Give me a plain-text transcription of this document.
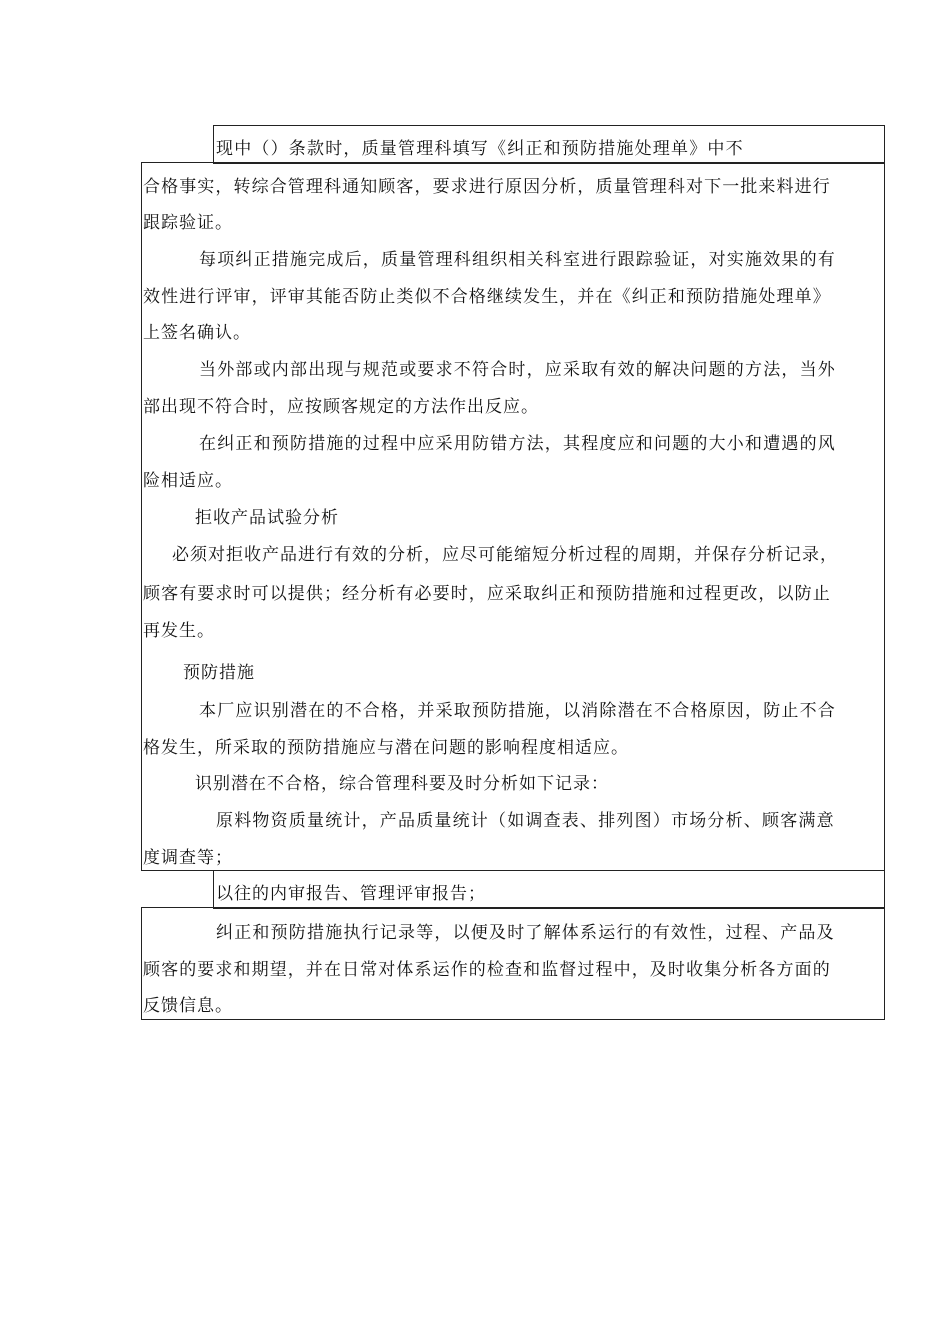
现中（）条款时，质量管理科填写《纠正和预防措施处理单》中不
合格事实，转综合管理科通知顾客，要求进行原因分析，质量管理科对下一批来料进行
跟踪验证。
每项纠正措施完成后，质量管理科组织相关科室进行跟踪验证，对实施效果的有
效性进行评审，评审其能否防止类似不合格继续发生，并在《纠正和预防措施处理单》
上签名确认。
当外部或内部出现与规范或要求不符合时，应采取有效的解决问题的方法，当外
部出现不符合时，应按顾客规定的方法作出反应。
在纠正和预防措施的过程中应采用防错方法，其程度应和问题的大小和遭遇的风
险相适应。
拒收产品试验分析
必须对拒收产品进行有效的分析，应尽可能缩短分析过程的周期，并保存分析记录，
顾客有要求时可以提供；经分析有必要时，应采取纠正和预防措施和过程更改，以防止
再发生。
预防措施
本厂应识别潜在的不合格，并采取预防措施，以消除潜在不合格原因，防止不合
格发生，所采取的预防措施应与潜在问题的影响程度相适应。
识别潜在不合格，综合管理科要及时分析如下记录：
原料物资质量统计，产品质量统计（如调查表、排列图）市场分析、顾客满意
度调查等；
以往的内审报告、管理评审报告；
纠正和预防措施执行记录等，以便及时了解体系运行的有效性，过程、产品及
顾客的要求和期望，并在日常对体系运作的检查和监督过程中，及时收集分析各方面的
反馈信息。
